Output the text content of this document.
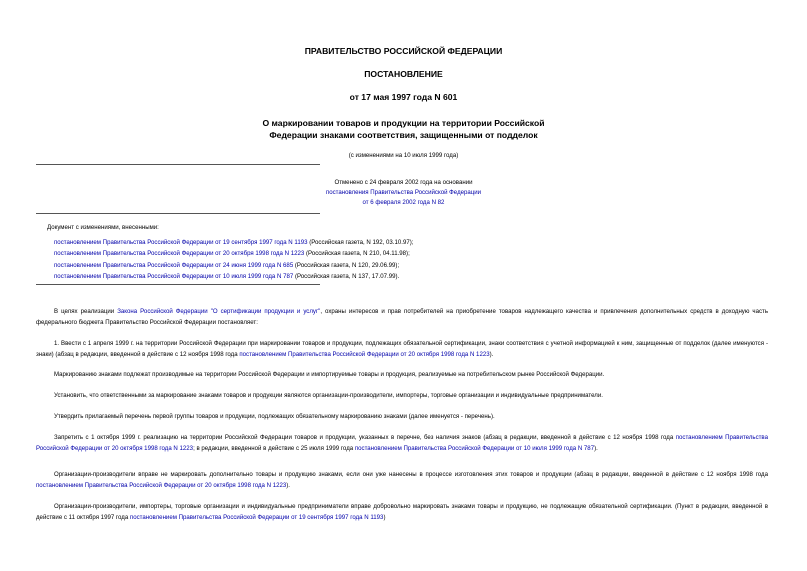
ПРАВИТЕЛЬСТВО РОССИЙСКОЙ ФЕДЕРАЦИИ
ПОСТАНОВЛЕНИЕ
от 17 мая 1997 года N 601
О маркировании товаров и продукции на территории Российской
Федерации знаками соответствия, защищенными от подделок
(с изменениями на 10 июля 1999 года)
Отменено с 24 февраля 2002 года на основании
постановления Правительства Российской Федерации
от 6 февраля 2002 года N 82
Документ с изменениями, внесенными:
постановлением Правительства Российской Федерации от 19 сентября 1997 года N 1193 (Российская газета, N 192, 03.10.97);
постановлением Правительства Российской Федерации от 20 октября 1998 года N 1223 (Российская газета, N 210, 04.11.98);
постановлением Правительства Российской Федерации от 24 июня 1999 года N 685 (Российская газета, N 120, 29.06.99);
постановлением Правительства Российской Федерации от 10 июля 1999 года N 787 (Российская газета, N 137, 17.07.99).
В целях реализации Закона Российской Федерации "О сертификации продукции и услуг", охраны интересов и прав потребителей на приобретение товаров надлежащего качества и привлечения дополнительных средств в доходную часть федерального бюджета Правительство Российской Федерации постановляет:
1. Ввести с 1 апреля 1999 г. на территории Российской Федерации при маркировании товаров и продукции, подлежащих обязательной сертификации, знаки соответствия с учетной информацией к ним, защищенные от подделок (далее именуются - знаки) (абзац в редакции, введенной в действие с 12 ноября 1998 года постановлением Правительства Российской Федерации от 20 октября 1998 года N 1223).
Маркированию знаками подлежат производимые на территории Российской Федерации и импортируемые товары и продукция, реализуемые на потребительском рынке Российской Федерации.
Установить, что ответственными за маркирование знаками товаров и продукции являются организации-производители, импортеры, торговые организации и индивидуальные предприниматели.
Утвердить прилагаемый перечень первой группы товаров и продукции, подлежащих обязательному маркированию знаками (далее именуется - перечень).
Запретить с 1 октября 1999 г. реализацию на территории Российской Федерации товаров и продукции, указанных в перечне, без наличия знаков (абзац в редакции, введенной в действие с 12 ноября 1998 года постановлением Правительства Российской Федерации от 20 октября 1998 года N 1223; в редакции, введенной в действие с 25 июля 1999 года постановлением Правительства Российской Федерации от 10 июля 1999 года N 787).
Организации-производители вправе не маркировать дополнительно товары и продукцию знаками, если они уже нанесены в процессе изготовления этих товаров и продукции (абзац в редакции, введенной в действие с 12 ноября 1998 года постановлением Правительства Российской Федерации от 20 октября 1998 года N 1223).
Организации-производители, импортеры, торговые организации и индивидуальные предприниматели вправе добровольно маркировать знаками товары и продукцию, не подлежащие обязательной сертификации. (Пункт в редакции, введенной в действие с 11 октября 1997 года постановлением Правительства Российской Федерации от 19 сентября 1997 года N 1193)
